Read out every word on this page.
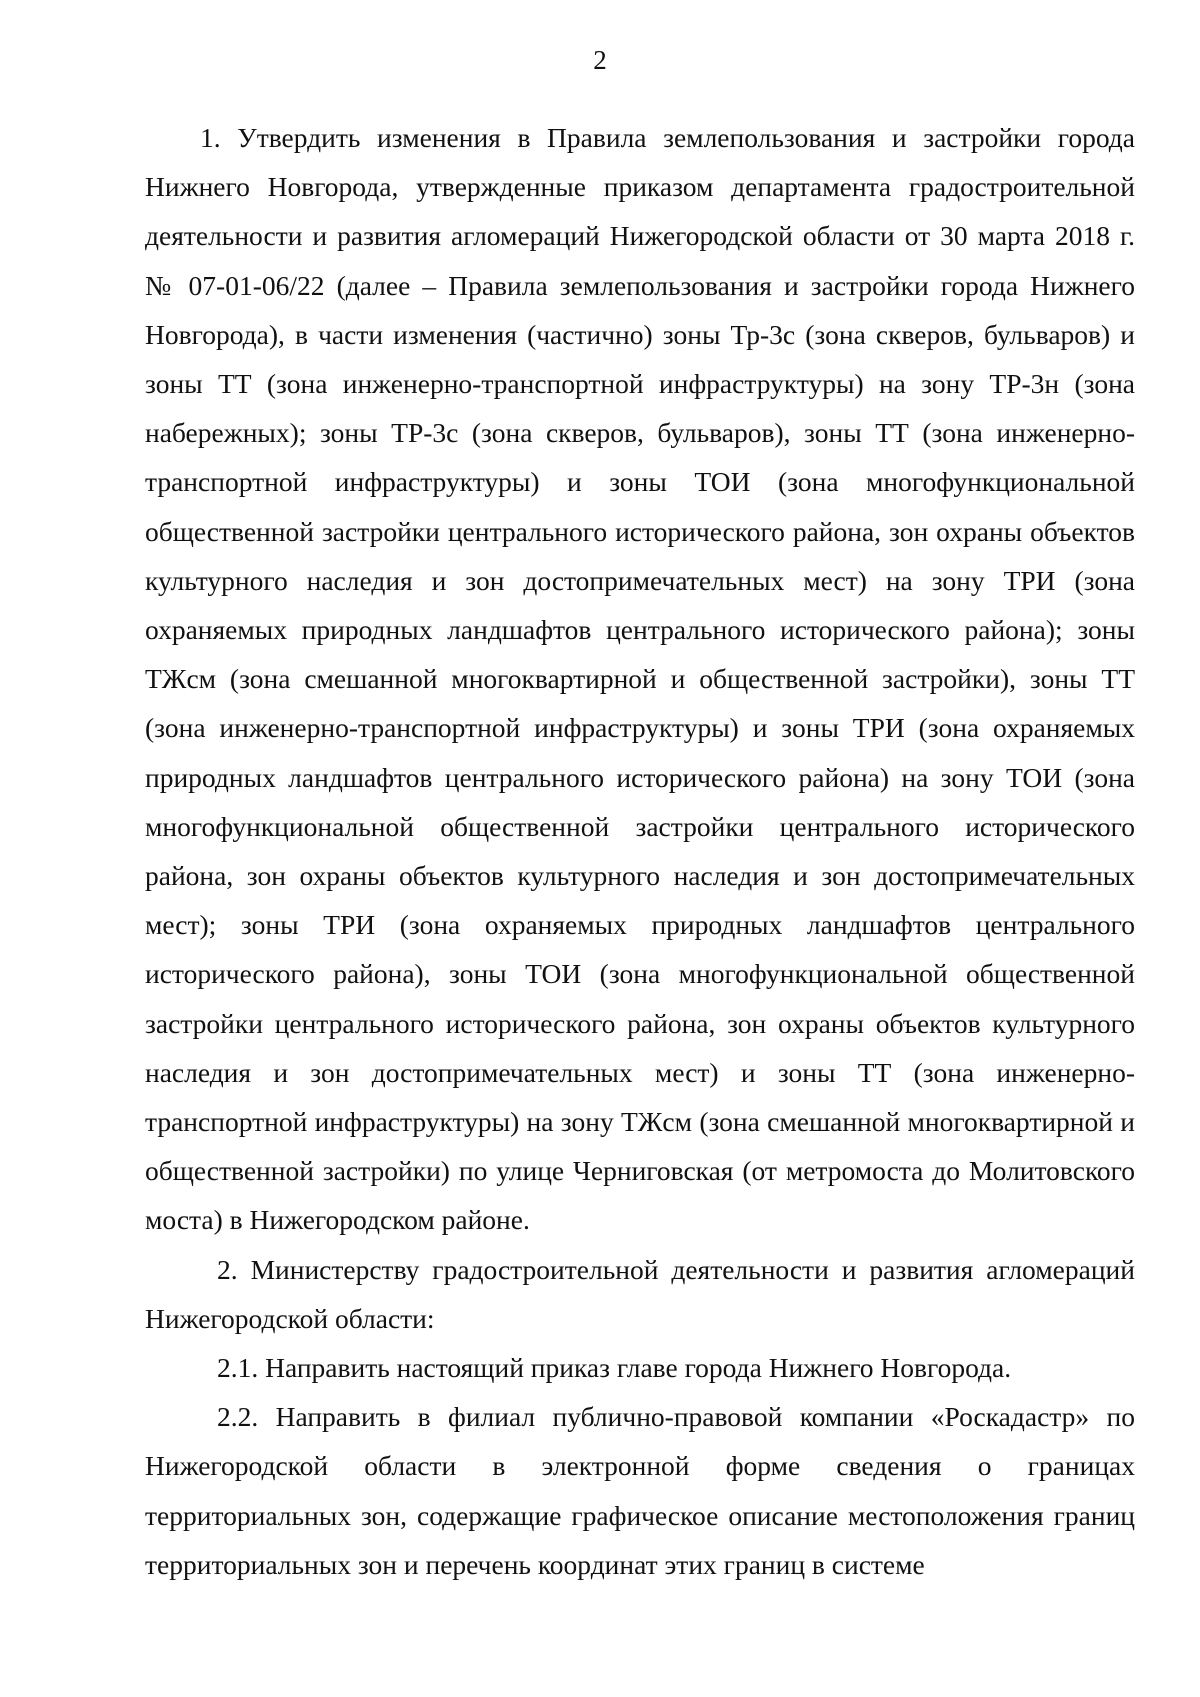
2

1. Утвердить изменения в Правила землепользования и застройки города Нижнего Новгорода, утвержденные приказом департамента градостроительной деятельности и развития агломераций Нижегородской области от 30 марта 2018 г. № 07-01-06/22 (далее – Правила землепользования и застройки города Нижнего Новгорода), в части изменения (частично) зоны Тр-3с (зона скверов, бульваров) и зоны ТТ (зона инженерно-транспортной инфраструктуры) на зону ТР-3н (зона набережных); зоны ТР-3с (зона скверов, бульваров), зоны ТТ (зона инженерно-транспортной инфраструктуры) и зоны ТОИ (зона многофункциональной общественной застройки центрального исторического района, зон охраны объектов культурного наследия и зон достопримечательных мест) на зону ТРИ (зона охраняемых природных ландшафтов центрального исторического района); зоны ТЖсм (зона смешанной многоквартирной и общественной застройки), зоны ТТ (зона инженерно-транспортной инфраструктуры) и зоны ТРИ (зона охраняемых природных ландшафтов центрального исторического района) на зону ТОИ (зона многофункциональной общественной застройки центрального исторического района, зон охраны объектов культурного наследия и зон достопримечательных мест); зоны ТРИ (зона охраняемых природных ландшафтов центрального исторического района), зоны ТОИ (зона многофункциональной общественной застройки центрального исторического района, зон охраны объектов культурного наследия и зон достопримечательных мест) и зоны ТТ (зона инженерно-транспортной инфраструктуры) на зону ТЖсм (зона смешанной многоквартирной и общественной застройки) по улице Черниговская (от метромоста до Молитовского моста) в Нижегородском районе.

2. Министерству градостроительной деятельности и развития агломераций Нижегородской области:

2.1. Направить настоящий приказ главе города Нижнего Новгорода.

2.2. Направить в филиал публично-правовой компании «Роскадастр» по Нижегородской области в электронной форме сведения о границах территориальных зон, содержащие графическое описание местоположения границ территориальных зон и перечень координат этих границ в системе
